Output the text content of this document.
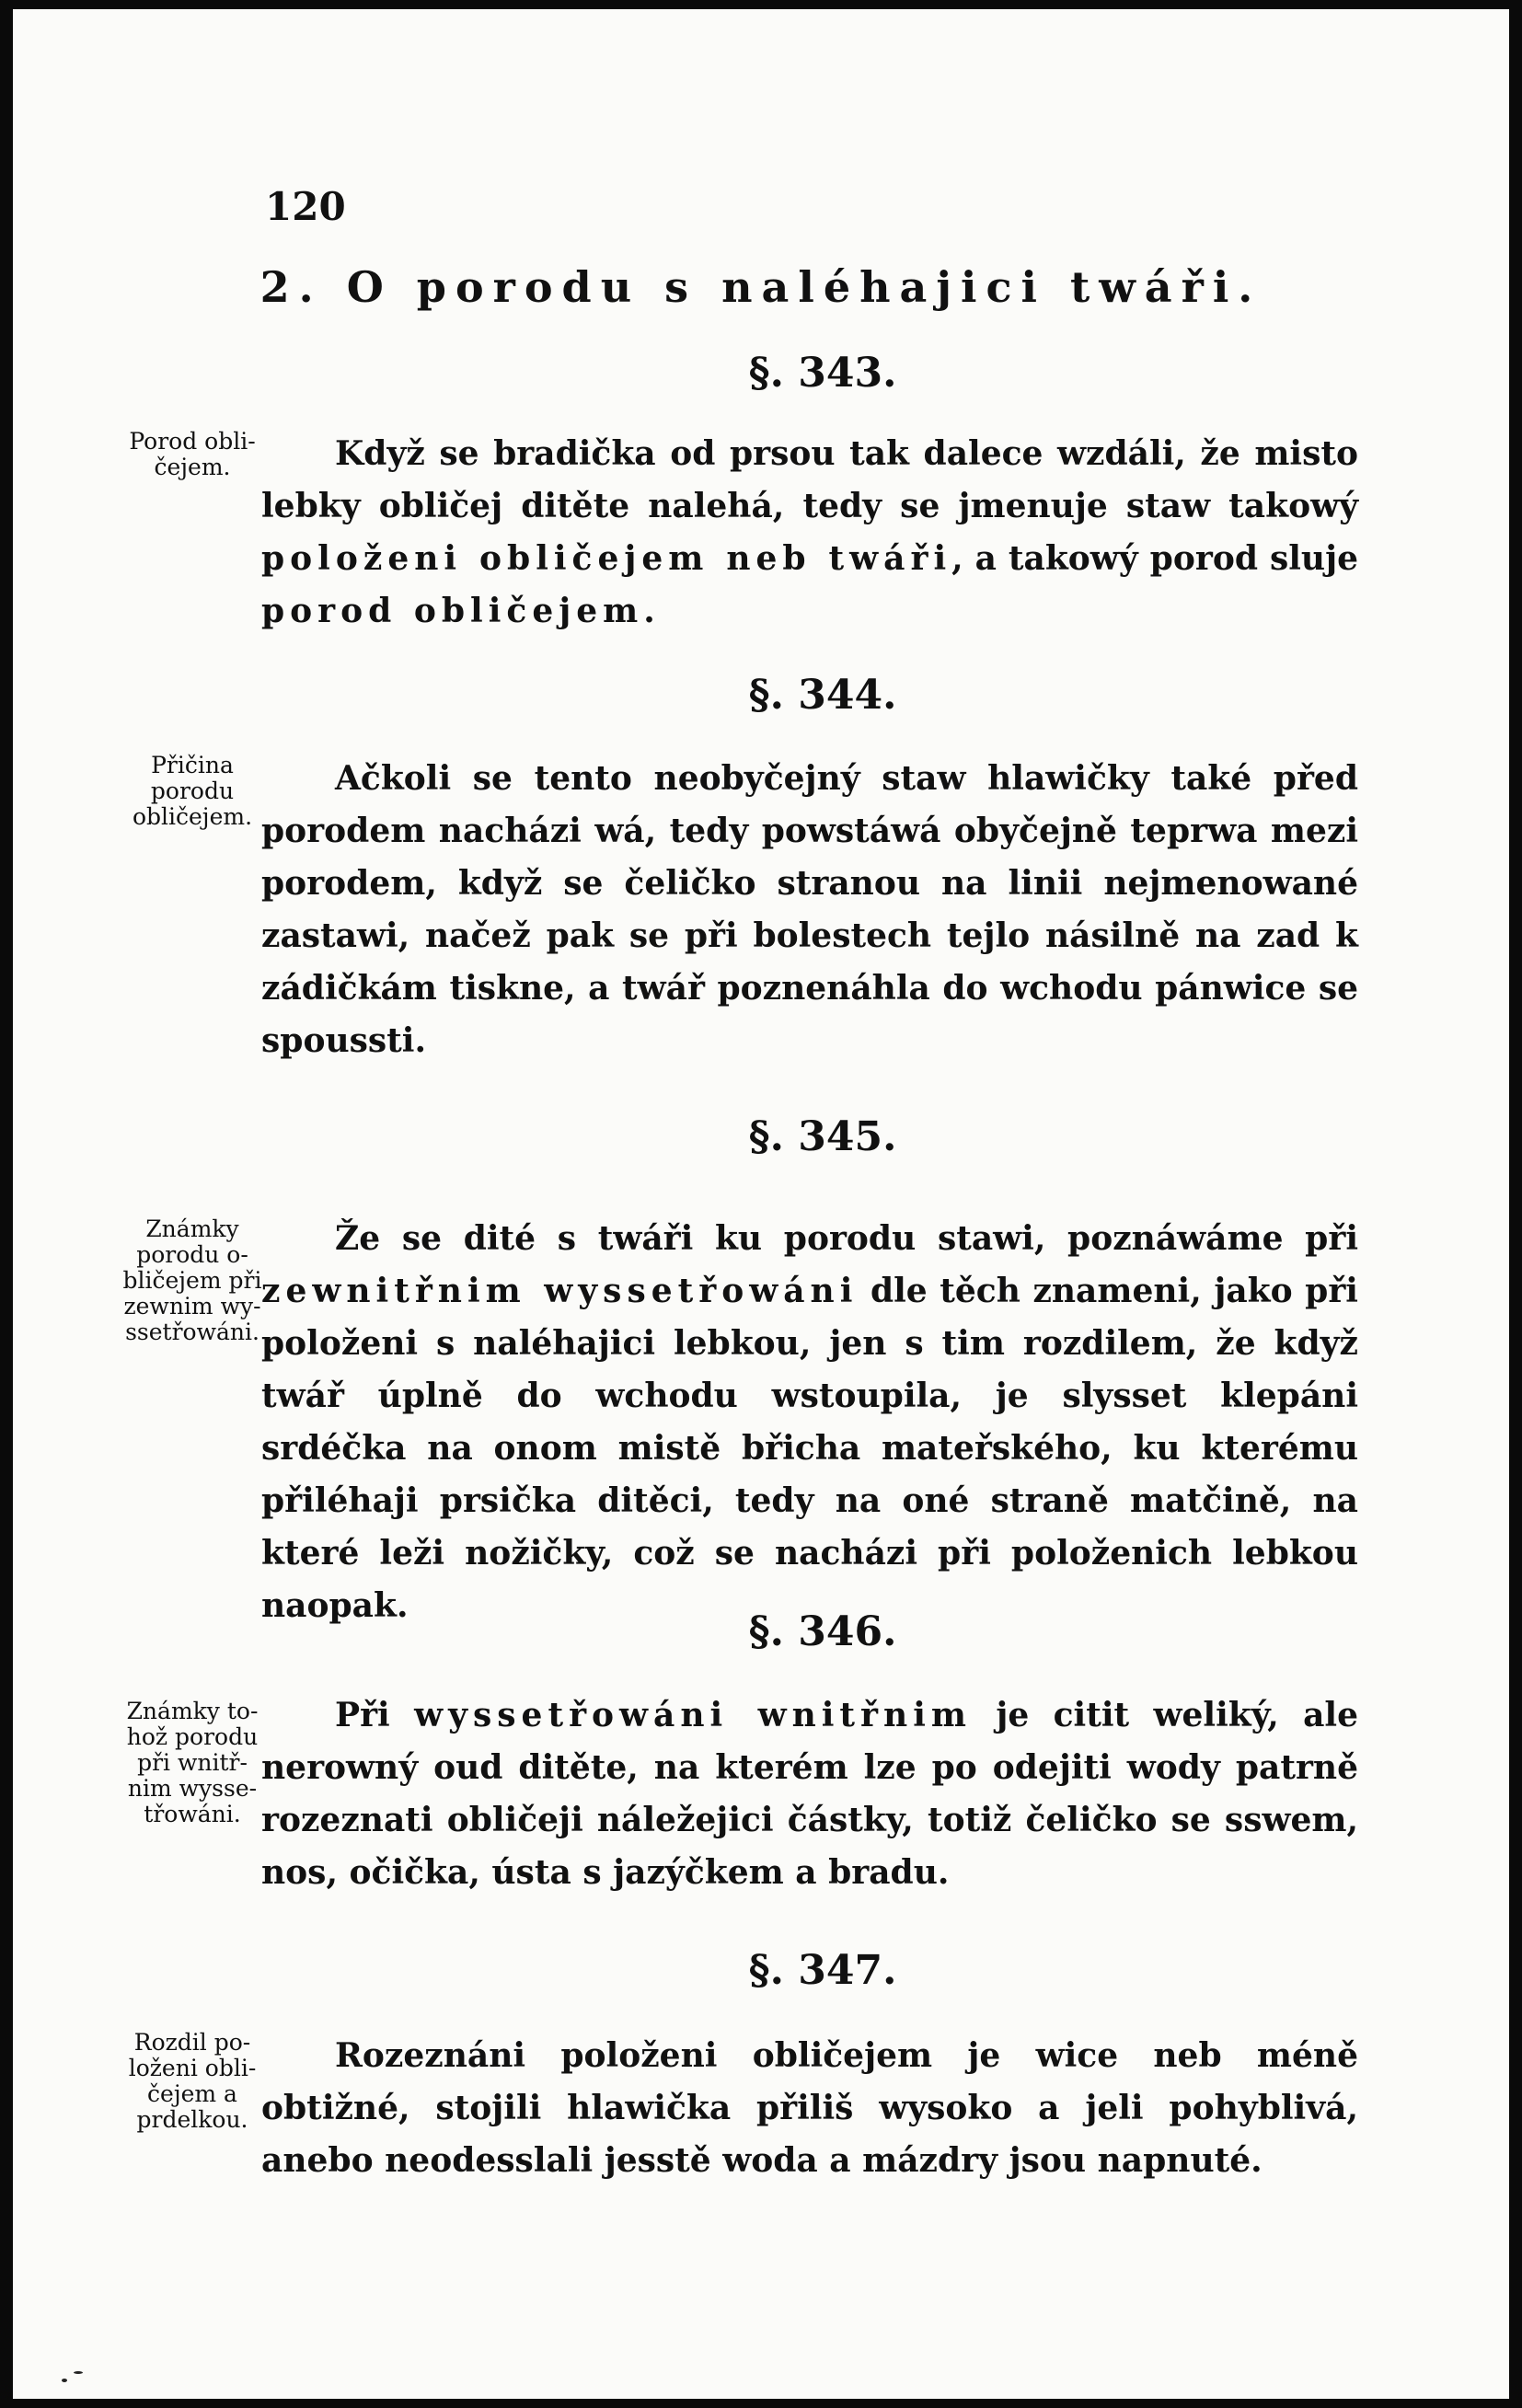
120
2. O porodu s naléhajici twáři.
§. 343.
Porod obli-
čejem.	Když se bradička od prsou tak dalece wzdáli, že misto lebky obličej ditěte nalehá, tedy se jmenuje staw takowý položeni obličejem neb twáři, a takowý porod sluje porod obličejem.
§. 344.
Přičina
porodu
obličejem.
Ačkoli se tento neobyčejný staw hlawičky také před porodem nacházi wá, tedy powstáwá obyčejně teprwa mezi porodem, když se čeličko stranou na linii nejmenowané zastawi, načež pak se při bolestech tejlo násilně na zad k zádičkám tiskne, a twář poznenáhla do wchodu pánwice se spoussti.
§. 345.
Známky
porodu o-
bličejem při
zewnim wy-
ssetřowáni.
Že se dité s twáři ku porodu stawi, poznáwáme při zewnitřnim wyssetřowáni dle těch znameni, jako při položeni s naléhajici lebkou, jen s tim rozdilem, že když twář úplně do wchodu wstoupila, je slysset klepáni srdéčka na onom mistě břicha mateřského, ku kterému přiléhaji prsička ditěci, tedy na oné straně matčině, na které leži nožičky, což se nacházi při položenich lebkou naopak.
§. 346.
Známky to-
hož porodu
při wnitř-
nim wysse-
třowáni.
Při wyssetřowáni wnitřnim je citit weliký, ale nerowný oud ditěte, na kterém lze po odejiti wody patrně rozeznati obličeji náležejici částky, totiž čeličko se sswem, nos, očička, ústa s jazýčkem a bradu.
§. 347.
Rozdil po-
loženi obli-
čejem a
prdelkou.
Rozeznáni položeni obličejem je wice neb méně obtižné, stojili hlawička přiliš wysoko a jeli pohyblivá, anebo neodesslali jesstě woda a mázdry jsou napnuté.
